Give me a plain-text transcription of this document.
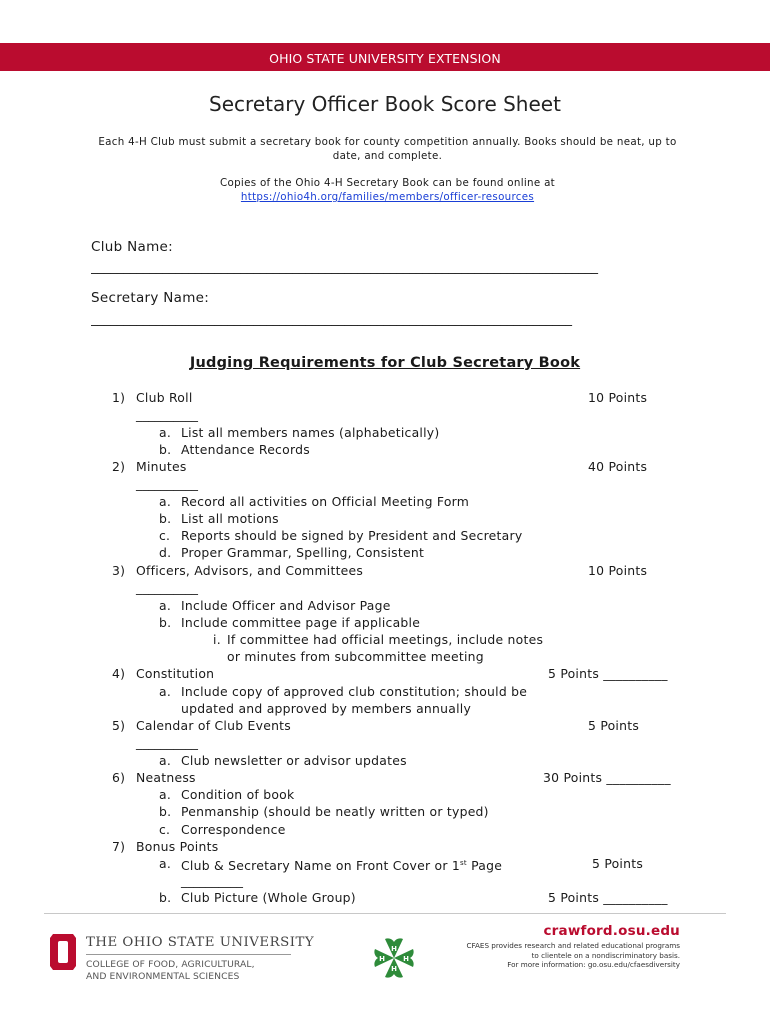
OHIO STATE UNIVERSITY EXTENSION
Secretary Officer Book Score Sheet
Each 4-H Club must submit a secretary book for county competition annually. Books should be neat, up to date, and complete.
Copies of the Ohio 4-H Secretary Book can be found online at
https://ohio4h.org/families/members/officer-resources
Club Name:
______________________________________________________________________________
Secretary Name:
__________________________________________________________________________
Judging Requirements for Club Secretary Book
1) Club Roll	10 Points
__________
a. List all members names (alphabetically)
b. Attendance Records
2) Minutes	40 Points
__________
a. Record all activities on Official Meeting Form
b. List all motions
c. Reports should be signed by President and Secretary
d. Proper Grammar, Spelling, Consistent
3) Officers, Advisors, and Committees	10 Points
__________
a. Include Officer and Advisor Page
b. Include committee page if applicable
i. If committee had official meetings, include notes
or minutes from subcommittee meeting
4) Constitution	5 Points __________
a. Include copy of approved club constitution; should be
updated and approved by members annually
5) Calendar of Club Events	5 Points
__________
a. Club newsletter or advisor updates
6) Neatness	30 Points __________
a. Condition of book
b. Penmanship (should be neatly written or typed)
c. Correspondence
7) Bonus Points
a. Club & Secretary Name on Front Cover or 1st Page	5 Points
__________
b. Club Picture (Whole Group)	5 Points __________
THE OHIO STATE UNIVERSITY
COLLEGE OF FOOD, AGRICULTURAL,
AND ENVIRONMENTAL SCIENCES
H
H	H
H
crawford.osu.edu
CFAES provides research and related educational programs
to clientele on a nondiscriminatory basis.
For more information: go.osu.edu/cfaesdiversity
